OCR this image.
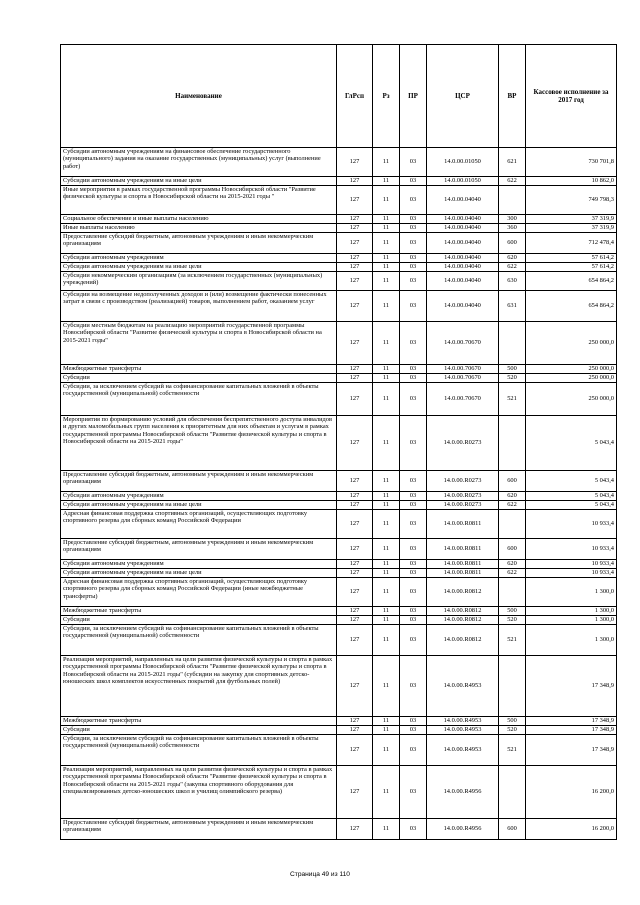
Наименование	ГлРсп	Рз	ПР	ЦСР	ВР	Кассовое исполнение за 2017 год
Субсидии автономным учреждениям на финансовое обеспечение государственного (муниципального) задания на оказание государственных (муниципальных) услуг (выполнение работ)	127	11	03	14.0.00.01050	621	730 701,8
Субсидии автономным учреждениям на иные цели	127	11	03	14.0.00.01050	622	10 862,0
Иные мероприятия в рамках государственной программы Новосибирской области "Развитие физической культуры и спорта в Новосибирской области на 2015-2021 годы "	127	11	03	14.0.00.04040		749 798,3
Социальное обеспечение и иные выплаты населению	127	11	03	14.0.00.04040	300	37 319,9
Иные выплаты населению	127	11	03	14.0.00.04040	360	37 319,9
Предоставление субсидий бюджетным, автономным учреждениям и иным некоммерческим организациям	127	11	03	14.0.00.04040	600	712 478,4
Субсидии автономным учреждениям	127	11	03	14.0.00.04040	620	57 614,2
Субсидии автономным учреждениям на иные цели	127	11	03	14.0.00.04040	622	57 614,2
Субсидии некоммерческим организациям (за исключением государственных (муниципальных) учреждений)	127	11	03	14.0.00.04040	630	654 864,2
Субсидии на возмещение недополученных доходов и (или) возмещение фактически понесенных затрат в связи с производством (реализацией) товаров, выполнением работ, оказанием услуг	127	11	03	14.0.00.04040	631	654 864,2
Субсидии местным бюджетам на реализацию мероприятий государственной программы Новосибирской области "Развитие физической культуры и спорта в Новосибирской области на 2015-2021 годы"	127	11	03	14.0.00.70670		250 000,0
Межбюджетные трансферты	127	11	03	14.0.00.70670	500	250 000,0
Субсидии	127	11	03	14.0.00.70670	520	250 000,0
Субсидии, за исключением субсидий на софинансирование капитальных вложений в объекты государственной (муниципальной) собственности	127	11	03	14.0.00.70670	521	250 000,0
Мероприятия по формированию условий для обеспечения беспрепятственного доступа инвалидов и других маломобильных групп населения к приоритетным для них объектам и услугам в рамках государственной программы Новосибирской области "Развитие физической культуры и спорта в Новосибирской области на 2015-2021 годы"	127	11	03	14.0.00.R0273		5 043,4
Предоставление субсидий бюджетным, автономным учреждениям и иным некоммерческим организациям	127	11	03	14.0.00.R0273	600	5 043,4
Субсидии автономным учреждениям	127	11	03	14.0.00.R0273	620	5 043,4
Субсидии автономным учреждениям на иные цели	127	11	03	14.0.00.R0273	622	5 043,4
Адресная финансовая поддержка спортивных организаций, осуществляющих подготовку спортивного резерва для сборных команд Российской Федерации	127	11	03	14.0.00.R0811		10 933,4
Предоставление субсидий бюджетным, автономным учреждениям и иным некоммерческим организациям	127	11	03	14.0.00.R0811	600	10 933,4
Субсидии автономным учреждениям	127	11	03	14.0.00.R0811	620	10 933,4
Субсидии автономным учреждениям на иные цели	127	11	03	14.0.00.R0811	622	10 933,4
Адресная финансовая поддержка спортивных организаций, осуществляющих подготовку спортивного резерва для сборных команд Российской Федерации (иные межбюджетные трансферты)	127	11	03	14.0.00.R0812		1 300,0
Межбюджетные трансферты	127	11	03	14.0.00.R0812	500	1 300,0
Субсидии	127	11	03	14.0.00.R0812	520	1 300,0
Субсидии, за исключением субсидий на софинансирование капитальных вложений в объекты государственной (муниципальной) собственности	127	11	03	14.0.00.R0812	521	1 300,0
Реализация мероприятий, направленных на цели развития физической культуры и спорта в рамках государственной программы Новосибирской области "Развитие физической культуры и спорта в Новосибирской области на 2015-2021 годы" (субсидии на закупку для спортивных детско-юношеских школ комплектов искусственных покрытий для футбольных полей)	127	11	03	14.0.00.R4953		17 348,9
Межбюджетные трансферты	127	11	03	14.0.00.R4953	500	17 348,9
Субсидии	127	11	03	14.0.00.R4953	520	17 348,9
Субсидии, за исключением субсидий на софинансирование капитальных вложений в объекты государственной (муниципальной) собственности	127	11	03	14.0.00.R4953	521	17 348,9
Реализация мероприятий, направленных на цели развития физической культуры и спорта в рамках государственной программы Новосибирской области "Развитие физической культуры и спорта в Новосибирской области на 2015-2021 годы" (закупка спортивного оборудования для специализированных детско-юношеских школ и училищ олимпийского резерва)	127	11	03	14.0.00.R4956		16 200,0
Предоставление субсидий бюджетным, автономным учреждениям и иным некоммерческим организациям	127	11	03	14.0.00.R4956	600	16 200,0
Страница 49 из 110
